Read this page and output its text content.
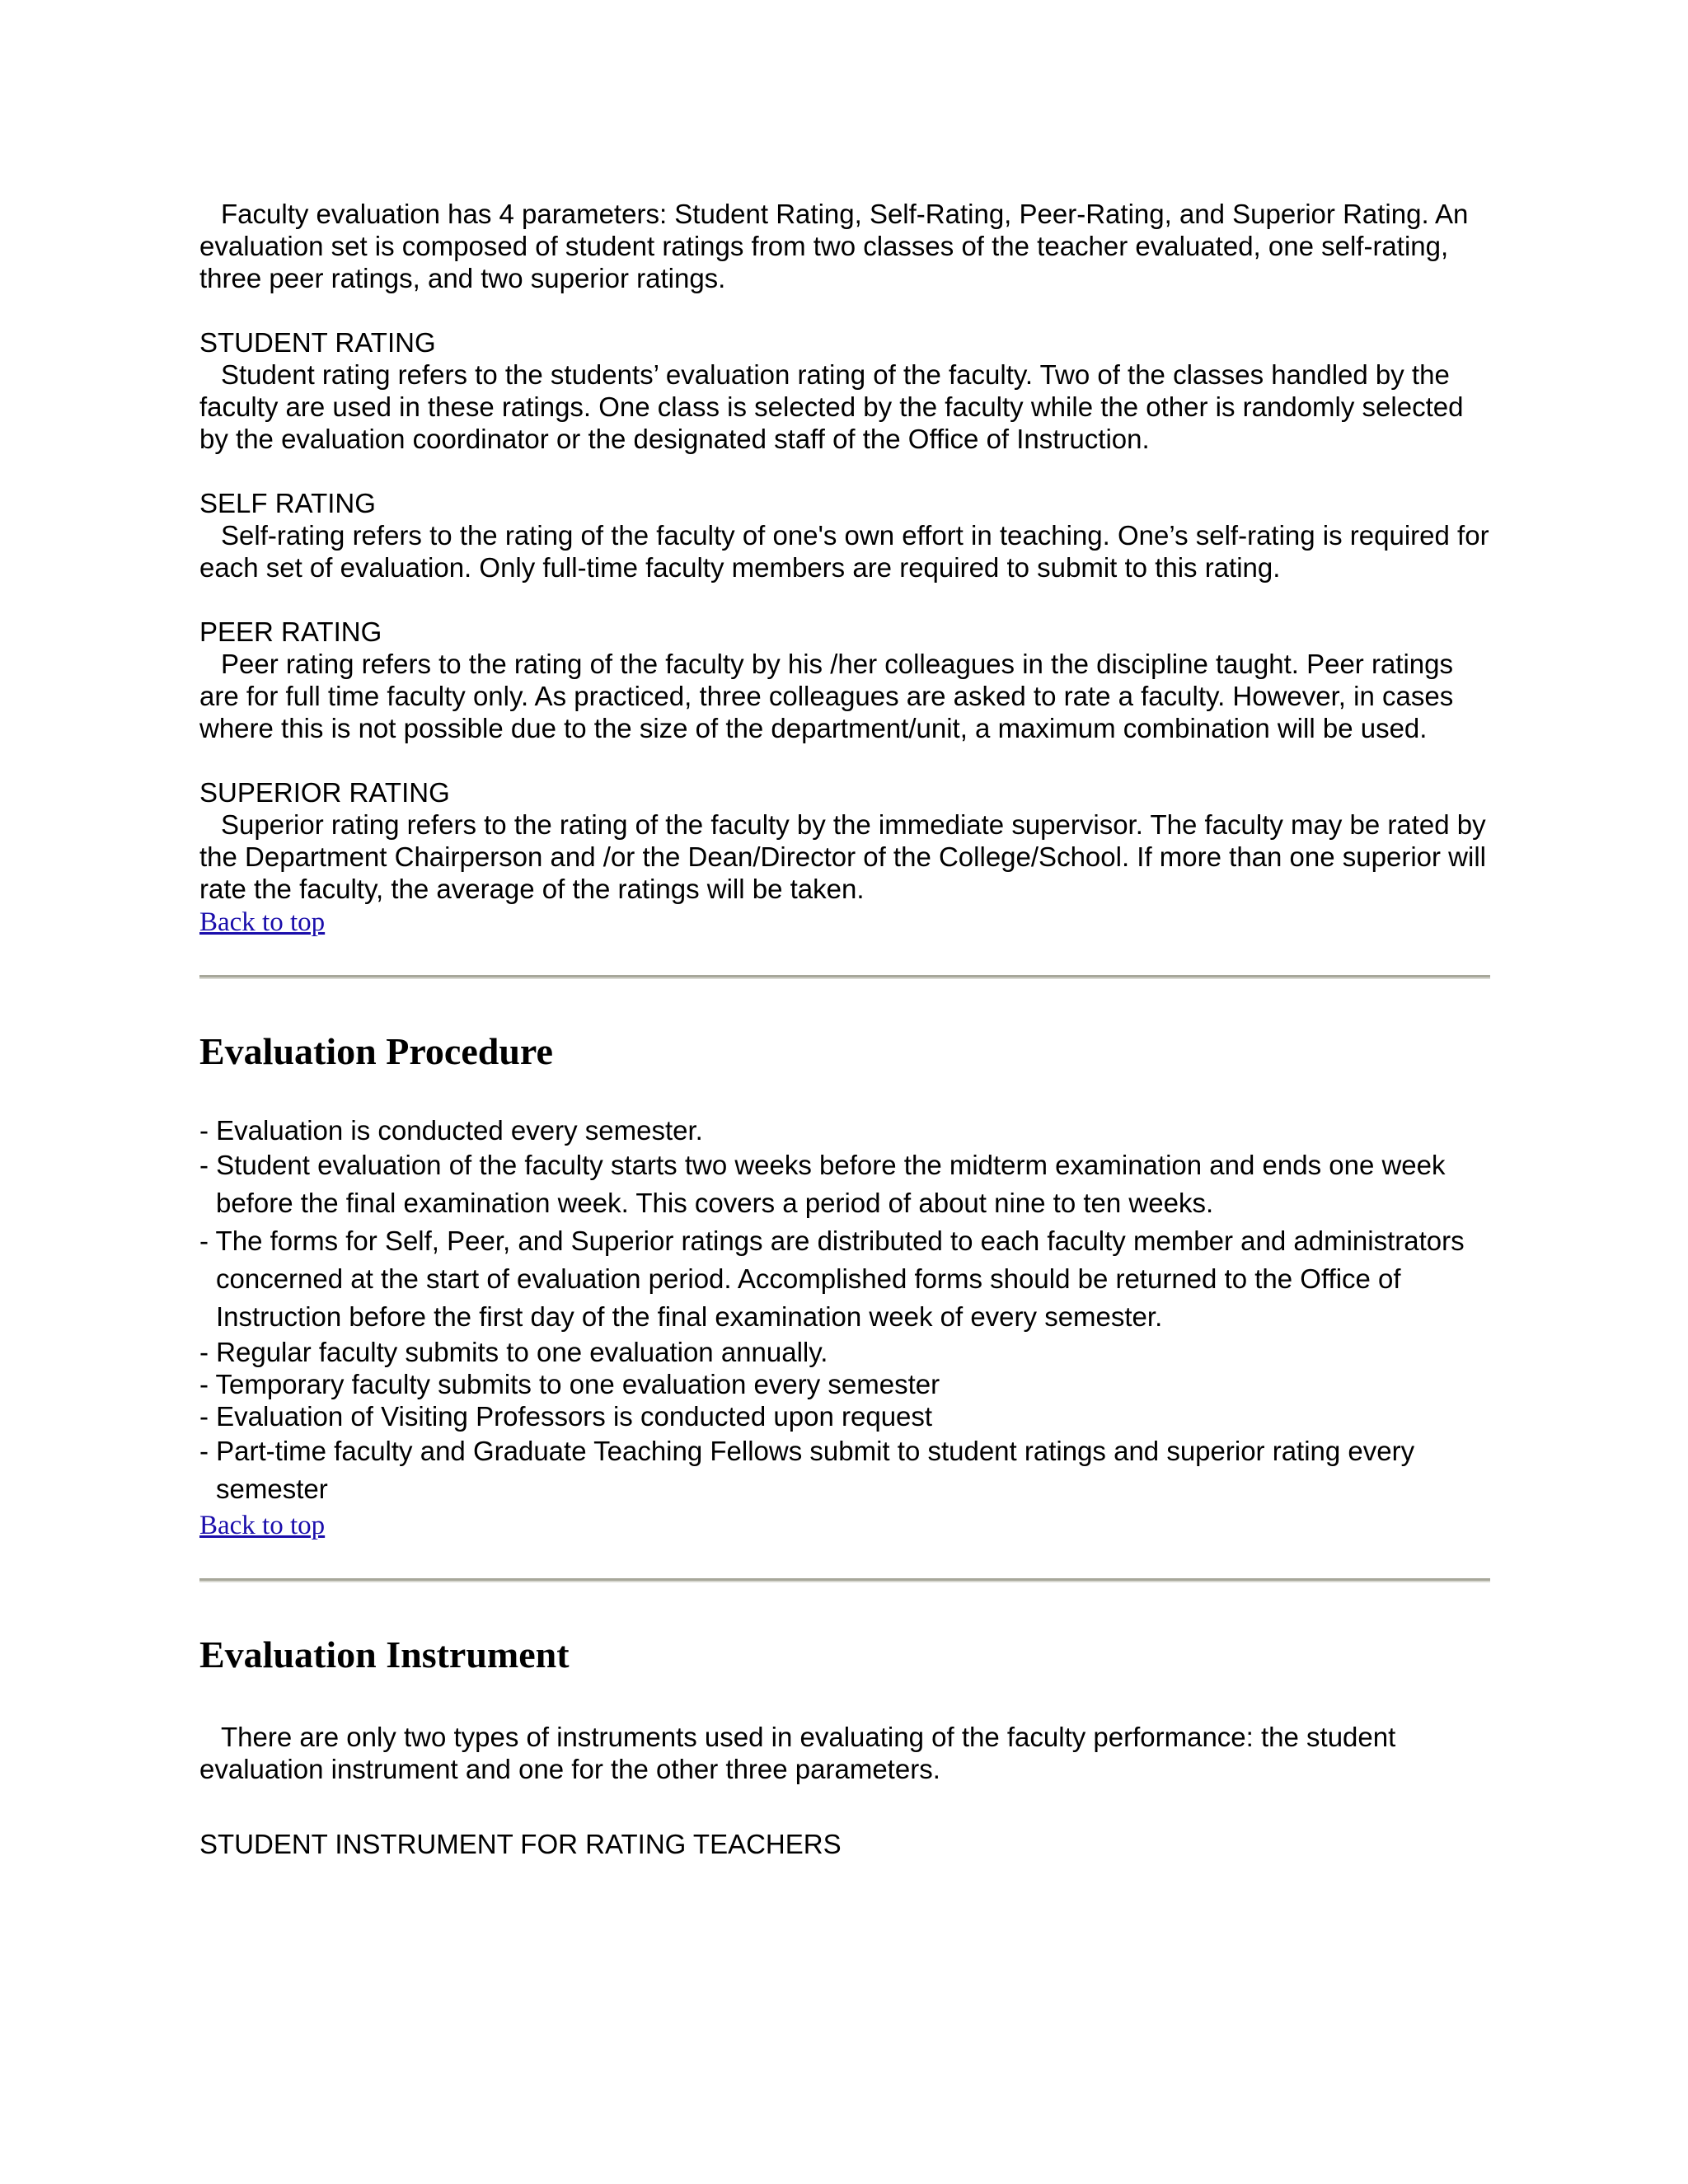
Faculty evaluation has 4 parameters: Student Rating, Self-Rating, Peer-Rating, and Superior Rating. An evaluation set is composed of student ratings from two classes of the teacher evaluated, one self-rating, three peer ratings, and two superior ratings.

STUDENT RATING

Student rating refers to the students’ evaluation rating of the faculty. Two of the classes handled by the faculty are used in these ratings. One class is selected by the faculty while the other is randomly selected by the evaluation coordinator or the designated staff of the Office of Instruction.

SELF RATING

Self-rating refers to the rating of the faculty of one's own effort in teaching. One’s self-rating is required for each set of evaluation. Only full-time faculty members are required to submit to this rating.

PEER RATING

Peer rating refers to the rating of the faculty by his /her colleagues in the discipline taught. Peer ratings are for full time faculty only. As practiced, three colleagues are asked to rate a faculty. However, in cases where this is not possible due to the size of the department/unit, a maximum combination will be used.

SUPERIOR RATING

Superior rating refers to the rating of the faculty by the immediate supervisor. The faculty may be rated by the Department Chairperson and /or the Dean/Director of the College/School. If more than one superior will rate the faculty, the average of the ratings will be taken.

Back to top
Evaluation Procedure

- Evaluation is conducted every semester.

- Student evaluation of the faculty starts two weeks before the midterm examination and ends one week before the final examination week. This covers a period of about nine to ten weeks.

- The forms for Self, Peer, and Superior ratings are distributed to each faculty member and administrators concerned at the start of evaluation period. Accomplished forms should be returned to the Office of Instruction before the first day of the final examination week of every semester.

- Regular faculty submits to one evaluation annually.

- Temporary faculty submits to one evaluation every semester

- Evaluation of Visiting Professors is conducted upon request

- Part-time faculty and Graduate Teaching Fellows submit to student ratings and superior rating every semester

Back to top
Evaluation Instrument

There are only two types of instruments used in evaluating of the faculty performance: the student evaluation instrument and one for the other three parameters.

STUDENT INSTRUMENT FOR RATING TEACHERS
